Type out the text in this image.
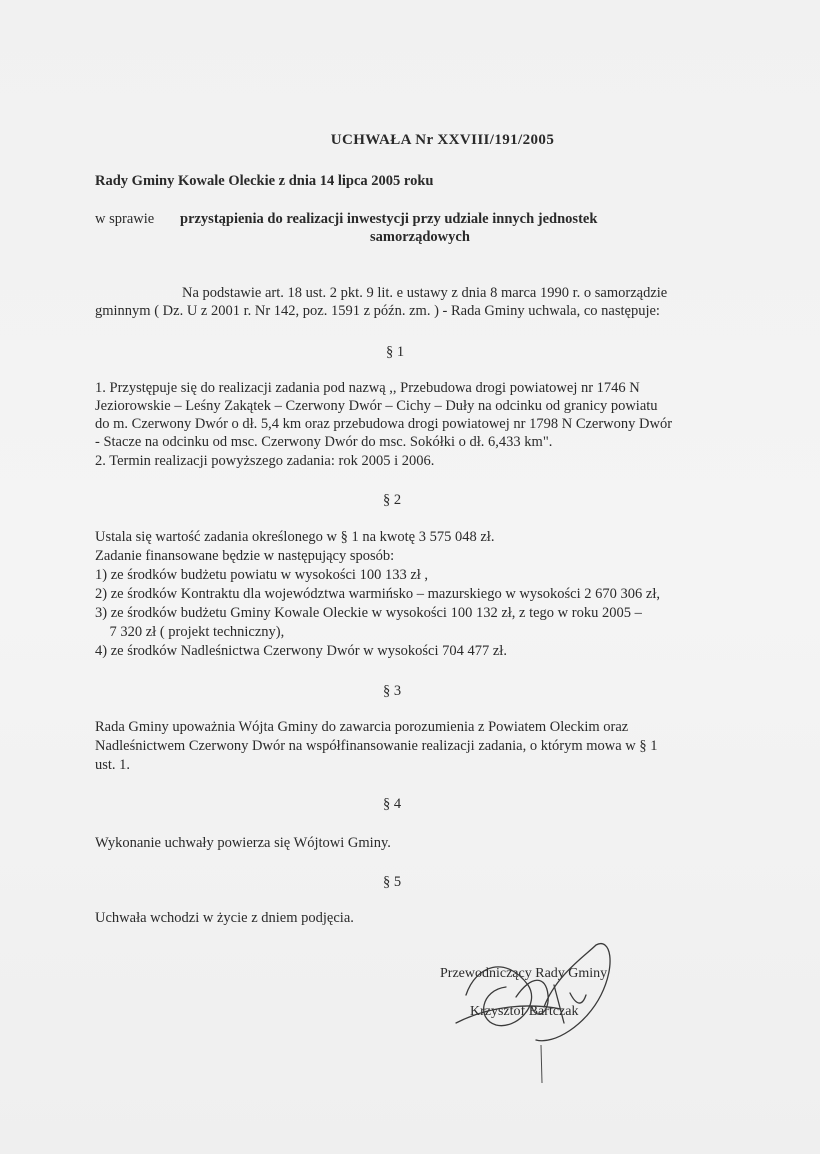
UCHWAŁA Nr XXVIII/191/2005
Rady Gminy Kowale Oleckie z dnia 14 lipca 2005 roku
w sprawie przystąpienia do realizacji inwestycji przy udziale innych jednostek
samorządowych
Na podstawie art. 18 ust. 2 pkt. 9 lit. e ustawy z dnia 8 marca 1990 r. o samorządzie
gminnym ( Dz. U z 2001 r. Nr 142, poz. 1591 z późn. zm. ) - Rada Gminy uchwala, co następuje:
§ 1
1. Przystępuje się do realizacji zadania pod nazwą ,, Przebudowa drogi powiatowej nr 1746 N
Jeziorowskie – Leśny Zakątek – Czerwony Dwór – Cichy – Duły na odcinku od granicy powiatu
do m. Czerwony Dwór o dł. 5,4 km oraz przebudowa drogi powiatowej nr 1798 N Czerwony Dwór
- Stacze na odcinku od msc. Czerwony Dwór do msc. Sokółki o dł. 6,433 km".
2. Termin realizacji powyższego zadania: rok 2005 i 2006.
§ 2
Ustala się wartość zadania określonego w § 1 na kwotę 3 575 048 zł.
Zadanie finansowane będzie w następujący sposób:
1) ze środków budżetu powiatu w wysokości 100 133 zł ,
2) ze środków Kontraktu dla województwa warmińsko – mazurskiego w wysokości 2 670 306 zł,
3) ze środków budżetu Gminy Kowale Oleckie w wysokości 100 132 zł, z tego w roku 2005 –
7 320 zł ( projekt techniczny),
4) ze środków Nadleśnictwa Czerwony Dwór w wysokości 704 477 zł.
§ 3
Rada Gminy upoważnia Wójta Gminy do zawarcia porozumienia z Powiatem Oleckim oraz
Nadleśnictwem Czerwony Dwór na współfinansowanie realizacji zadania, o którym mowa w § 1
ust. 1.
§ 4
Wykonanie uchwały powierza się Wójtowi Gminy.
§ 5
Uchwała wchodzi w życie z dniem podjęcia.
Przewodniczący Rady Gminy
Krzysztof Bartczak
